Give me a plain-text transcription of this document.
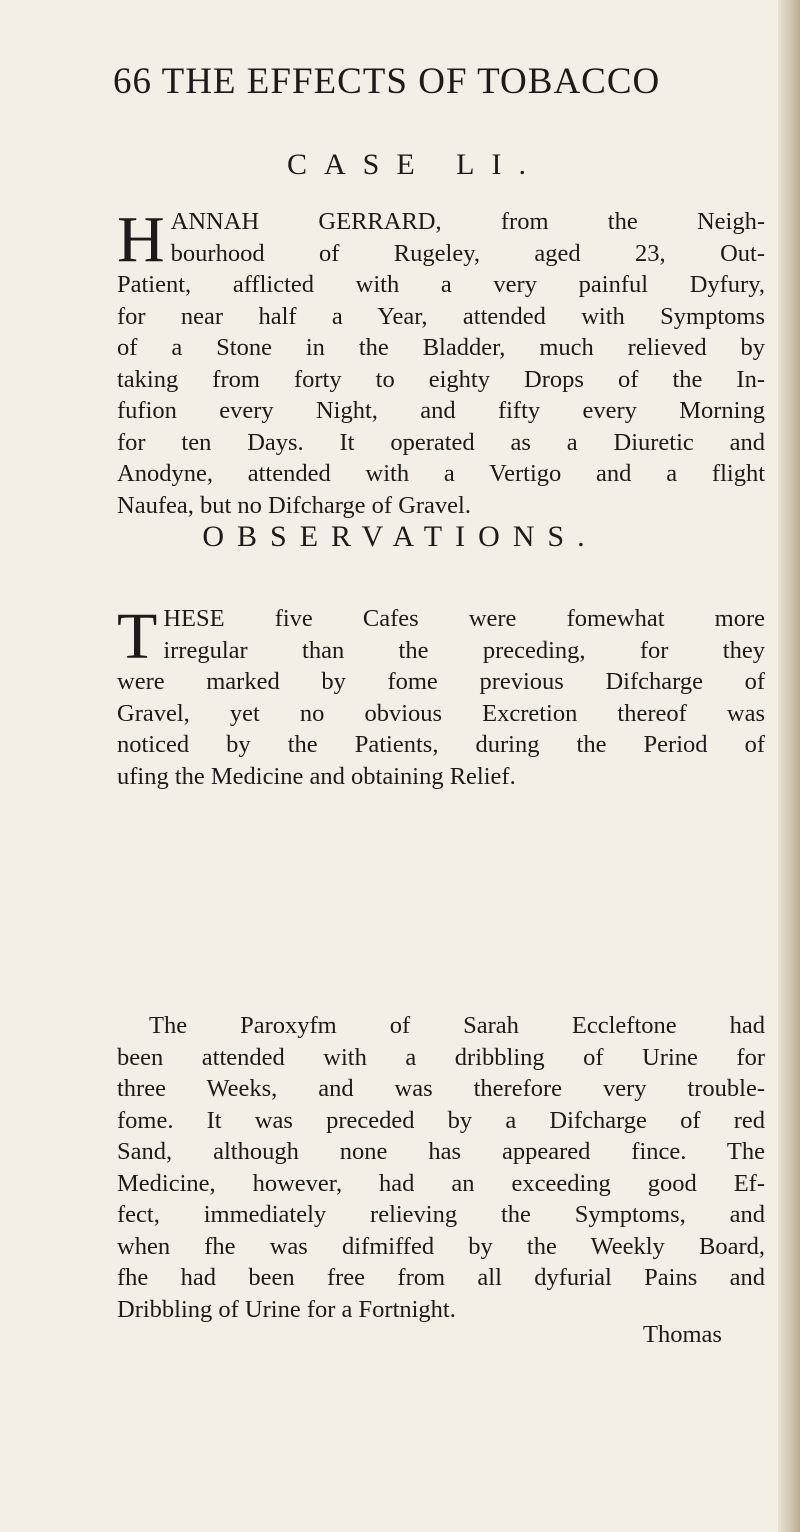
66 THE EFFECTS OF TOBACCO
CASE LI.
H ANNAH GERRARD, from the Neigh-
bourhood of Rugeley, aged 23, Out-
Patient, afflicted with a very painful Dyfury,
for near half a Year, attended with Symptoms
of a Stone in the Bladder, much relieved by
taking from forty to eighty Drops of the In-
fufion every Night, and fifty every Morning
for ten Days. It operated as a Diuretic and
Anodyne, attended with a Vertigo and a flight
Naufea, but no Difcharge of Gravel.
OBSERVATIONS.
T HESE five Cafes were fomewhat more
irregular than the preceding, for they
were marked by fome previous Difcharge of
Gravel, yet no obvious Excretion thereof was
noticed by the Patients, during the Period of
ufing the Medicine and obtaining Relief.
The Paroxyfm of Sarah Eccleftone had
been attended with a dribbling of Urine for
three Weeks, and was therefore very trouble-
fome. It was preceded by a Difcharge of red
Sand, although none has appeared fince. The
Medicine, however, had an exceeding good Ef-
fect, immediately relieving the Symptoms, and
when fhe was difmiffed by the Weekly Board,
fhe had been free from all dyfurial Pains and
Dribbling of Urine for a Fortnight.
Thomas
